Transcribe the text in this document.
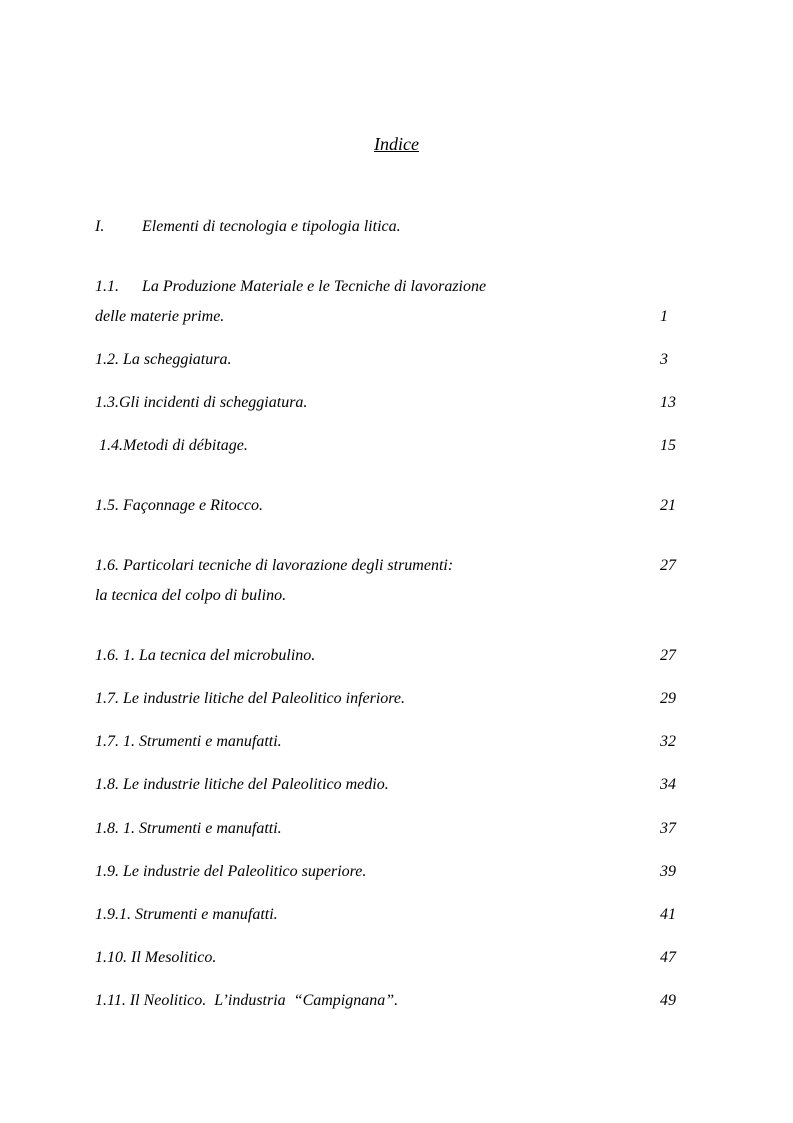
Indice
I. Elementi di tecnologia e tipologia litica.
1.1. La Produzione Materiale e le Tecniche di lavorazione
delle materie prime.	1
1.2. La scheggiatura.	3
1.3.Gli incidenti di scheggiatura.	13
1.4.Metodi di débitage.	15
1.5. Façonnage e Ritocco.	21
1.6. Particolari tecniche di lavorazione degli strumenti:	27
la tecnica del colpo di bulino.
1.6. 1. La tecnica del microbulino.	27
1.7. Le industrie litiche del Paleolitico inferiore.	29
1.7. 1. Strumenti e manufatti.	32
1.8. Le industrie litiche del Paleolitico medio.	34
1.8. 1. Strumenti e manufatti.	37
1.9. Le industrie del Paleolitico superiore.	39
1.9.1. Strumenti e manufatti.	41
1.10. Il Mesolitico.	47
1.11. Il Neolitico.  L’industria  “Campignana”.	49
